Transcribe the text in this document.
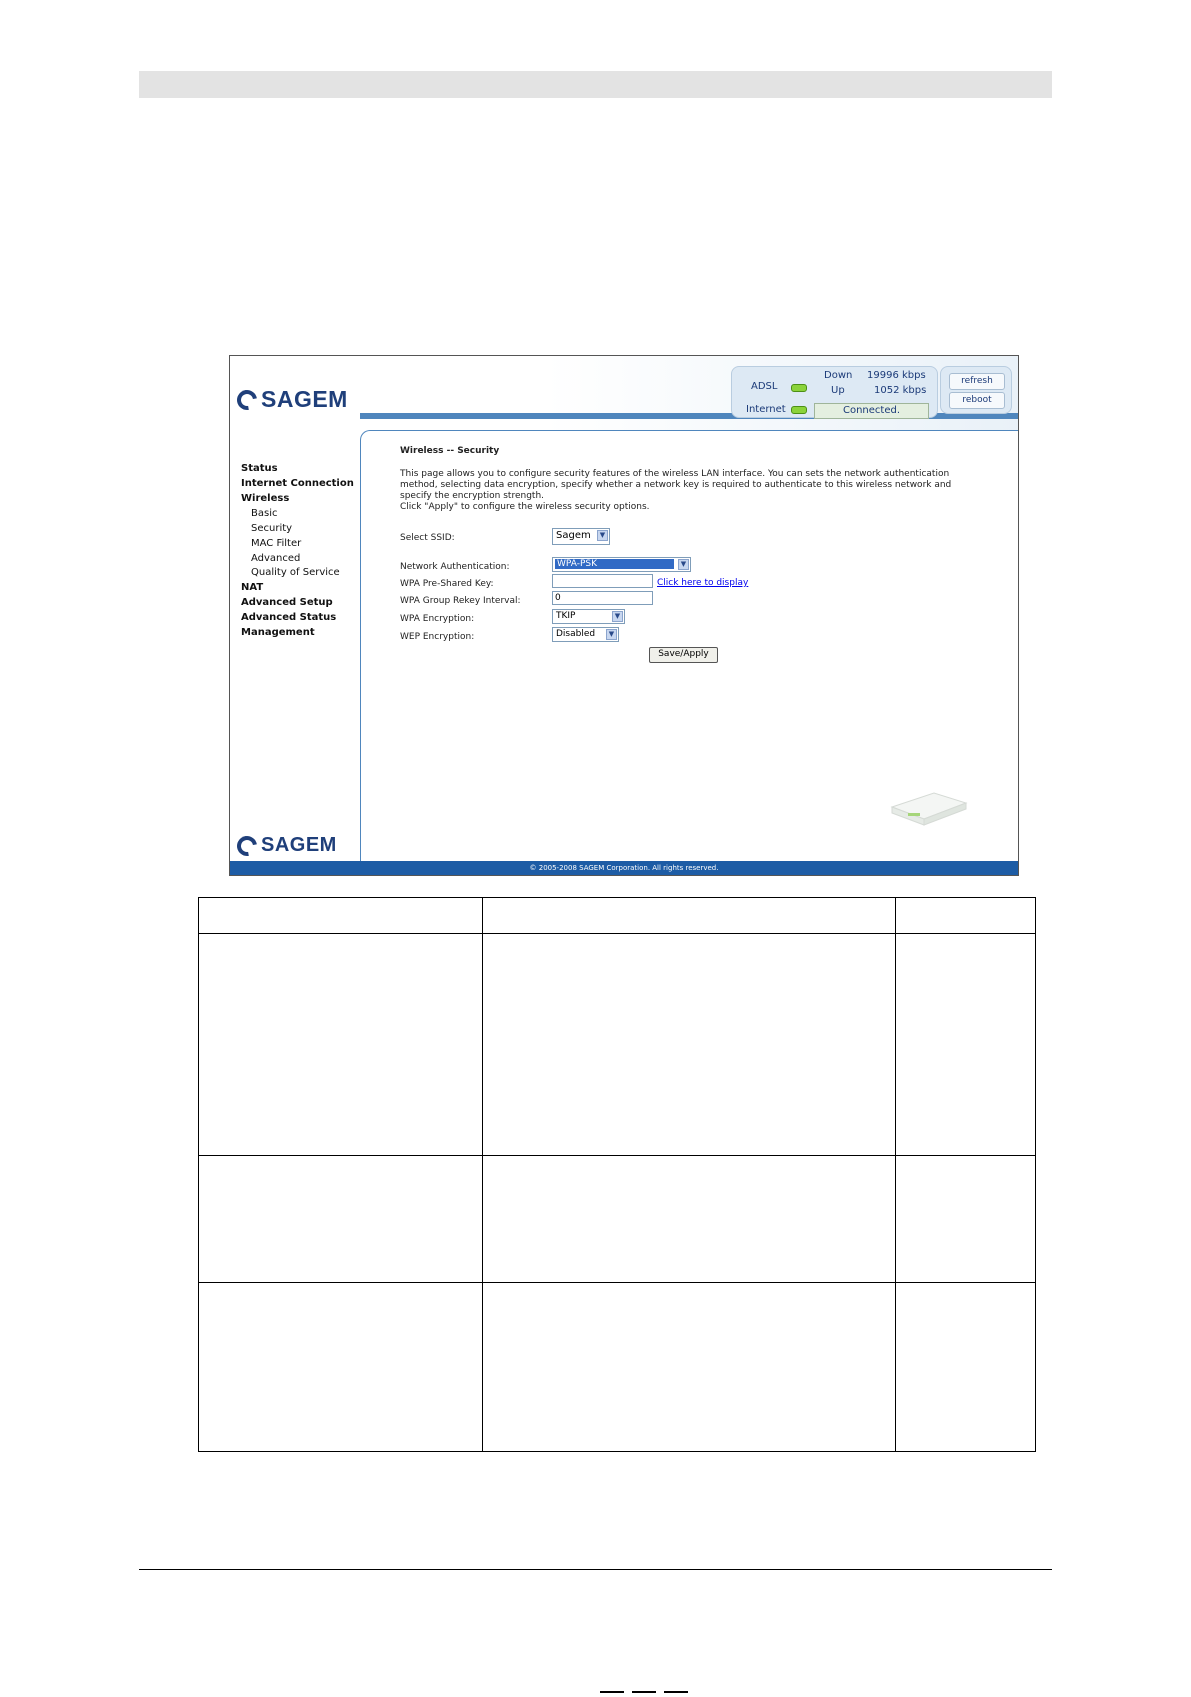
SAGEM	ADSL
Internet
Down 19996 kbps
Up	1052 kbps
Connected.
refresh
reboot
Status
Internet Connection
Wireless
Basic
Security
MAC Filter
Advanced
Quality of Service
NAT
Advanced Setup
Advanced Status
Management
Wireless -- Security
This page allows you to configure security features of the wireless LAN interface. You can sets the network authentication
method, selecting data encryption, specify whether a network key is required to authenticate to this wireless network and
specify the encryption strength.
Click "Apply" to configure the wireless security options.
Select SSID:	Sagem	▼
Network Authentication:	WPA-PSK	▼
WPA Pre-Shared Key:	Click here to display
WPA Group Rekey Interval:	0
WPA Encryption:	TKIP	▼
WEP Encryption:	Disabled	▼
Save/Apply
SAGEM
© 2005-2008 SAGEM Corporation. All rights reserved.
